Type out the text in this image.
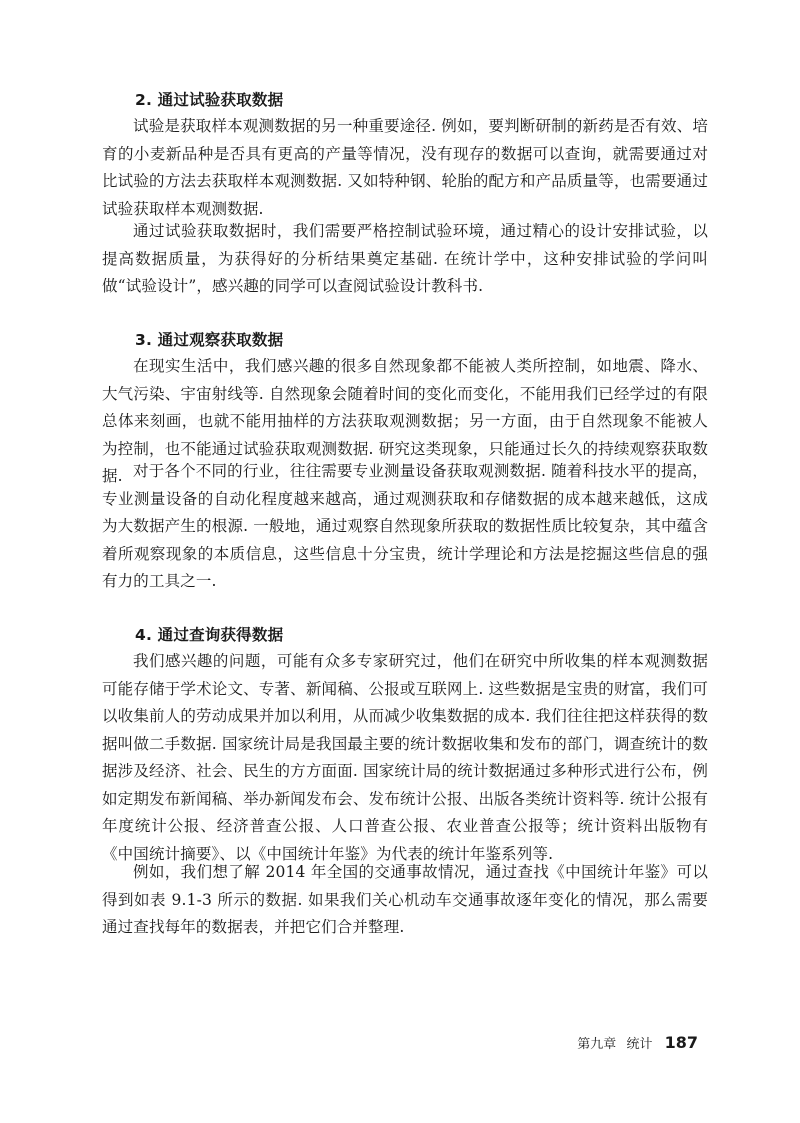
2. 通过试验获取数据

试验是获取样本观测数据的另一种重要途径. 例如，要判断研制的新药是否有效、培育的小麦新品种是否具有更高的产量等情况，没有现存的数据可以查询，就需要通过对比试验的方法去获取样本观测数据. 又如特种钢、轮胎的配方和产品质量等，也需要通过试验获取样本观测数据.

通过试验获取数据时，我们需要严格控制试验环境，通过精心的设计安排试验，以提高数据质量，为获得好的分析结果奠定基础. 在统计学中，这种安排试验的学问叫做“试验设计”，感兴趣的同学可以查阅试验设计教科书.

3. 通过观察获取数据

在现实生活中，我们感兴趣的很多自然现象都不能被人类所控制，如地震、降水、大气污染、宇宙射线等. 自然现象会随着时间的变化而变化，不能用我们已经学过的有限总体来刻画，也就不能用抽样的方法获取观测数据；另一方面，由于自然现象不能被人为控制，也不能通过试验获取观测数据. 研究这类现象，只能通过长久的持续观察获取数据. 对于各个不同的行业，往往需要专业测量设备获取观测数据. 随着科技水平的提高，专业测量设备的自动化程度越来越高，通过观测获取和存储数据的成本越来越低，这成为大数据产生的根源. 一般地，通过观察自然现象所获取的数据性质比较复杂，其中蕴含着所观察现象的本质信息，这些信息十分宝贵，统计学理论和方法是挖掘这些信息的强有力的工具之一.

4. 通过查询获得数据

我们感兴趣的问题，可能有众多专家研究过，他们在研究中所收集的样本观测数据可能存储于学术论文、专著、新闻稿、公报或互联网上. 这些数据是宝贵的财富，我们可以收集前人的劳动成果并加以利用，从而减少收集数据的成本. 我们往往把这样获得的数据叫做二手数据. 国家统计局是我国最主要的统计数据收集和发布的部门，调查统计的数据涉及经济、社会、民生的方方面面. 国家统计局的统计数据通过多种形式进行公布，例如定期发布新闻稿、举办新闻发布会、发布统计公报、出版各类统计资料等. 统计公报有年度统计公报、经济普查公报、人口普查公报、农业普查公报等；统计资料出版物有《中国统计摘要》、以《中国统计年鉴》为代表的统计年鉴系列等.

例如，我们想了解 2014 年全国的交通事故情况，通过查找《中国统计年鉴》可以得到如表 9.1-3 所示的数据. 如果我们关心机动车交通事故逐年变化的情况，那么需要通过查找每年的数据表，并把它们合并整理.

第九章 统计 187
